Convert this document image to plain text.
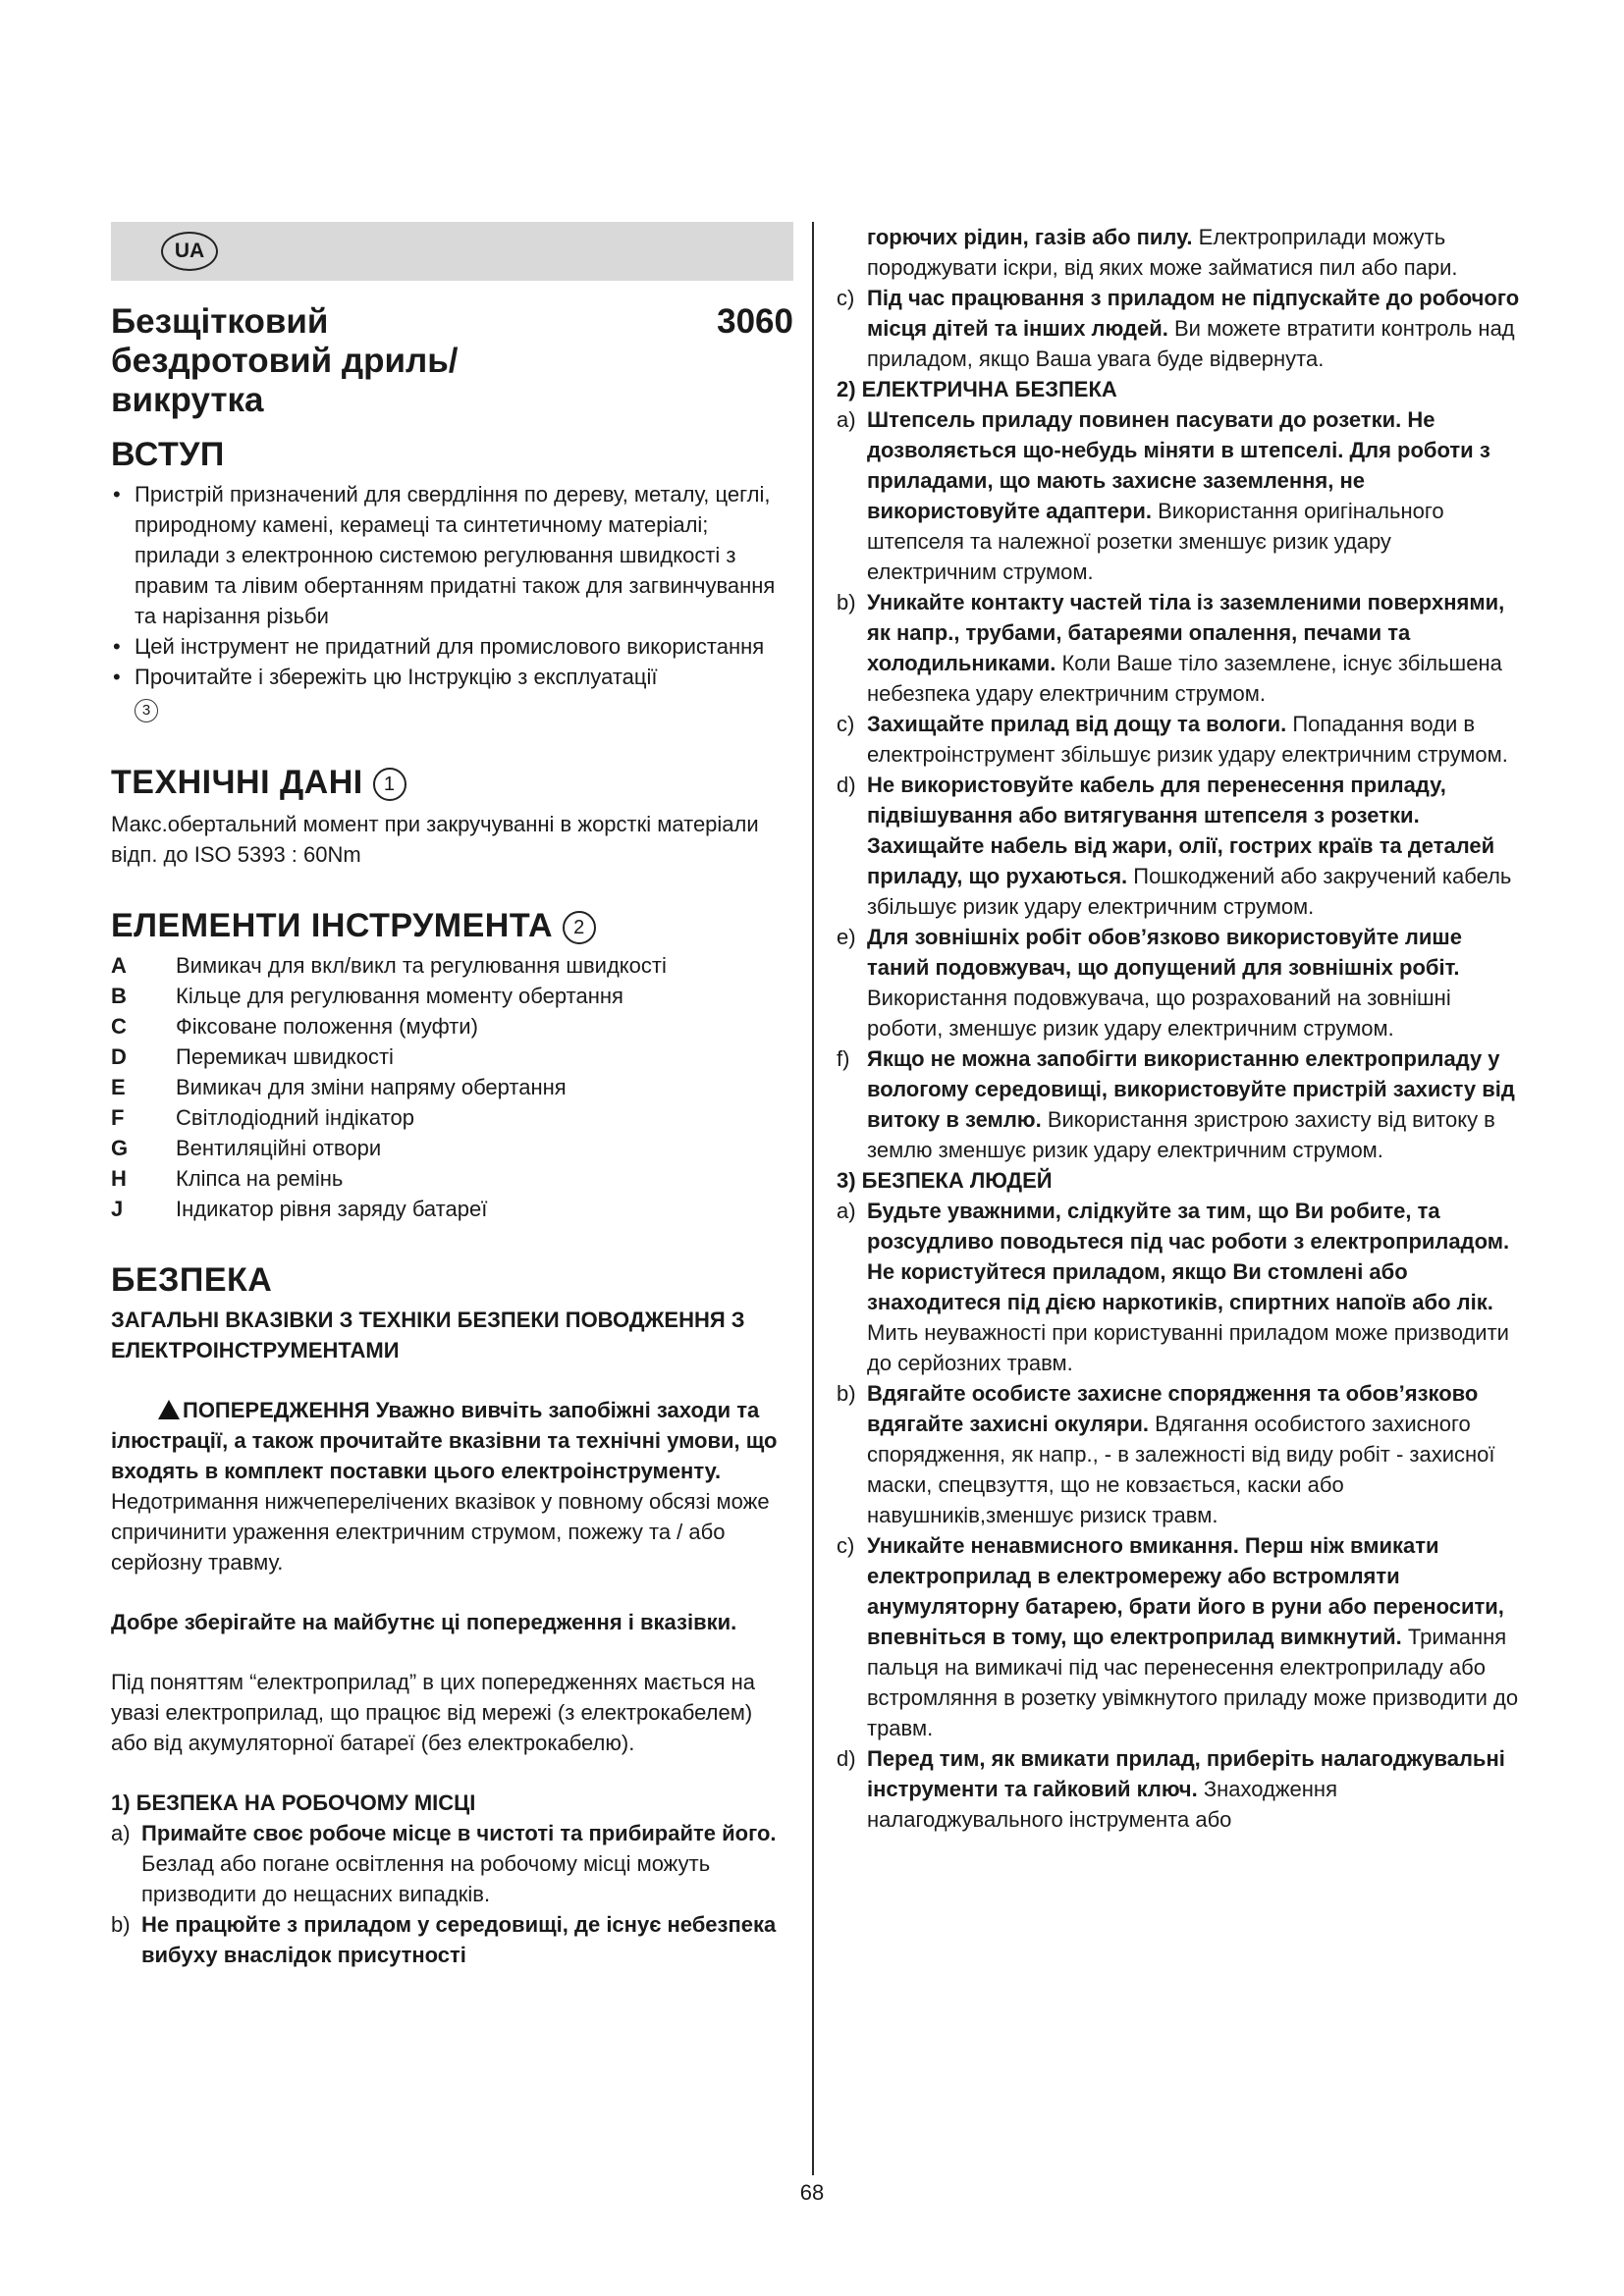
UA
Безщітковий
бездротовий дриль/
викрутка
3060
ВСТУП
• Пристрій призначений для свердління по дереву, металу, цеглі, природному камені, керамеці та синтетичному матеріалі; прилади з електронною системою регулювання швидкості з правим та лівим обертанням придатні також для загвинчування та нарізання різьби
• Цей інструмент не придатний для промислового використання
• Прочитайте і збережіть цю Інструкцію з експлуатації
3
ТЕХНІЧНІ ДАНІ 1

Макс.обертальний момент при закручуванні в жорсткі матеріали відп. до ISO 5393 : 60Nm

ЕЛЕМЕНТИ ІНСТРУМЕНТА 2
A	Вимикач для вкл/викл та регулювання швидкості
B	Кільце для регулювання моменту обертання
C	Фіксоване положення (муфти)
D	Перемикач швидкості
E	Вимикач для зміни напряму обертання
F	Світлодіодний індікатор
G	Вентиляційні отвори
H	Кліпса на ремінь
J	Індикатор рівня заряду батареї
БЕЗПЕКА
ЗАГАЛЬНІ ВКАЗІВКИ З ТЕХНІКИ БЕЗПЕКИ ПОВОДЖЕННЯ З ЕЛЕКТРОІНСТРУМЕНТАМИ

!ПОПЕРЕДЖЕННЯ Уважно вивчіть запобіжні заходи та ілюстрації, а також прочитайте вказівни та технічні умови, що входять в комплект поставки цього електроінструменту. Недотримання нижчеперелічених вказівок у повному обсязі може спричинити ураження електричним струмом, пожежу та / або серйозну травму.

Добре зберігайте на майбутнє ці попередження і вказівки.

Під поняттям “електроприлад” в цих попередженнях мається на увазі електроприлад, що працює від мережі (з електрокабелем) або від акумуляторної батареї (без електрокабелю).

1) БЕЗПЕКА НА РОБОЧОМУ МІСЦІ
a) Примайте своє робоче місце в чистоті та прибирайте його. Безлад або погане освітлення на робочому місці можуть призводити до нещасних випадків.
b) Не працюйте з приладом у середовищі, де існує небезпека вибуху внаслідок присутності
горючих рідин, газів або пилу. Електроприлади можуть породжувати іскри, від яких може займатися пил або пари.
c) Під час працювання з приладом не підпускайте до робочого місця дітей та інших людей. Ви можете втратити контроль над приладом, якщо Ваша увага буде відвернута.
2) ЕЛЕКТРИЧНА БЕЗПЕКА
a) Штепсель приладу повинен пасувати до розетки. Не дозволяється що-небудь міняти в штепселі. Для роботи з приладами, що мають захисне заземлення, не використовуйте адаптери. Використання оригінального штепселя та належної розетки зменшує ризик удару електричним струмом.
b) Уникайте контакту частей тіла із заземленими поверхнями, як напр., трубами, батареями опалення, печами та холодильниками. Коли Ваше тіло заземлене, існує збільшена небезпека удару електричним струмом.
c) Захищайте прилад від дощу та вологи. Попадання води в електроінструмент збільшує ризик удару електричним струмом.
d) Не використовуйте кабель для перенесення приладу, підвішування або витягування штепселя з розетки. Захищайте набель від жари, олії, гостриx країв та деталей приладу, що рухаються. Пошкоджений або закручений кабель збільшує ризик удару електричним струмом.
e) Для зовнішніх робіт обов’язково використовуйте лише таний подовжувач, що допущений для зовнішніх робіт. Використання подовжувача, що розрахований на зовнішні роботи, зменшує ризик удару електричним струмом.
f) Якщо не можна запобігти використанню електроприладу у вологому середовищі, використовуйте пристрій захисту від витоку в землю. Використання зристрою захисту від витоку в землю зменшує ризик удару електричним струмом.
3) БЕЗПЕКА ЛЮДЕЙ
a) Будьте уважними, слідкуйте за тим, що Ви робите, та розсудливо поводьтеся під час роботи з електроприладом. Не користуйтеся приладом, якщо Ви стомлені або знаходитеся під дією наркотиків, спиртних напоїв або лік. Мить неуважності при користуванні приладом може призводити до серйозних травм.
b) Вдягайте особисте захисне спорядження та обов’язково вдягайте захисні окуляри. Вдягання особистого захисного спорядження, як напр., - в залежності від виду робіт - захисної маски, спецвзуття, що не ковзається, каски або навушників,зменшує ризиск травм.
c) Уникайте ненавмисного вмикання. Перш ніж вмикати електроприлад в електромережу або встромляти анумуляторну батарею, брати його в руни або переносити, впевніться в тому, що електроприлад вимкнутий. Тримання пальця на вимикачі під час перенесення електроприладу або встромляння в розетку увімкнутого приладу може призводити до травм.
d) Перед тим, як вмикати прилад, приберіть налагоджувальні інструменти та гайковий ключ. Знаходження налагоджувального інструмента або
68
